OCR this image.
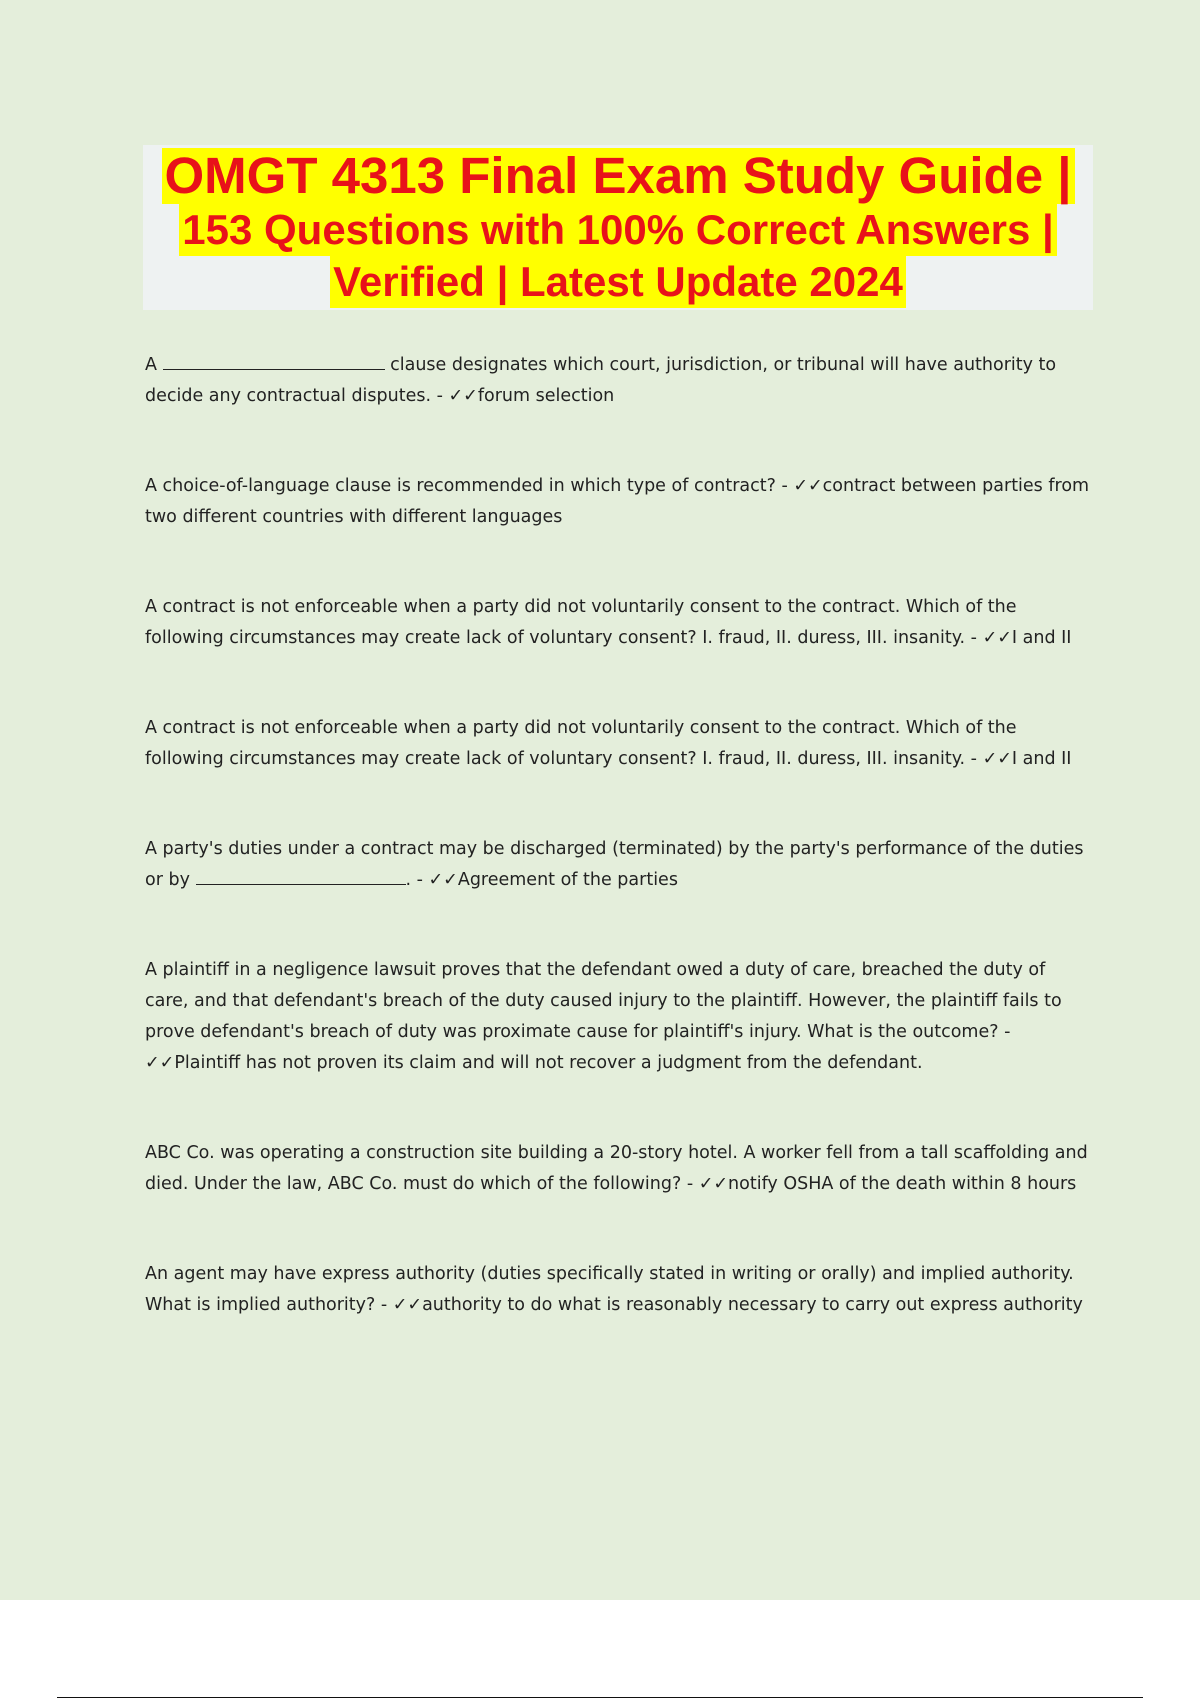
OMGT 4313 Final Exam Study Guide |
153 Questions with 100% Correct Answers |
Verified | Latest Update 2024
A	clause designates which court, jurisdiction, or tribunal will have authority to decide any contractual disputes. - ✓✓forum selection
A choice-of-language clause is recommended in which type of contract? - ✓✓contract between parties from two different countries with different languages
A contract is not enforceable when a party did not voluntarily consent to the contract. Which of the following circumstances may create lack of voluntary consent? I. fraud, II. duress, III. insanity. - ✓✓I and II
A contract is not enforceable when a party did not voluntarily consent to the contract. Which of the following circumstances may create lack of voluntary consent? I. fraud, II. duress, III. insanity. - ✓✓I and II
A party's duties under a contract may be discharged (terminated) by the party's performance of the duties or by	. - ✓✓Agreement of the parties
A plaintiff in a negligence lawsuit proves that the defendant owed a duty of care, breached the duty of care, and that defendant's breach of the duty caused injury to the plaintiff. However, the plaintiff fails to prove defendant's breach of duty was proximate cause for plaintiff's injury. What is the outcome? - ✓✓Plaintiff has not proven its claim and will not recover a judgment from the defendant.
ABC Co. was operating a construction site building a 20-story hotel. A worker fell from a tall scaffolding and died. Under the law, ABC Co. must do which of the following? - ✓✓notify OSHA of the death within 8 hours
An agent may have express authority (duties specifically stated in writing or orally) and implied authority. What is implied authority? - ✓✓authority to do what is reasonably necessary to carry out express authority
